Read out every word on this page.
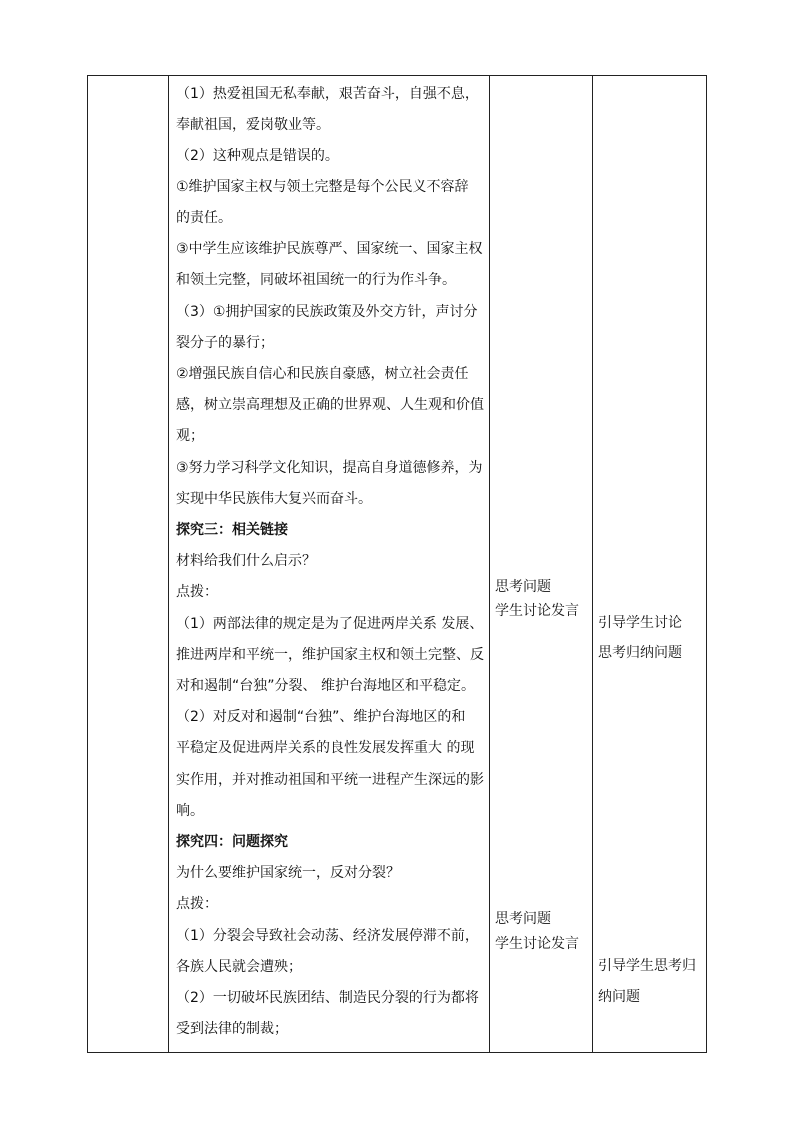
（1）热爱祖国无私奉献，艰苦奋斗，自强不息，
奉献祖国，爱岗敬业等。
（2）这种观点是错误的。
①维护国家主权与领土完整是每个公民义不容辞
的责任。
③中学生应该维护民族尊严、国家统一、国家主权
和领土完整，同破坏祖国统一的行为作斗争。
（3）①拥护国家的民族政策及外交方针，声讨分
裂分子的暴行；
②增强民族自信心和民族自豪感，树立社会责任
感，树立崇高理想及正确的世界观、人生观和价值
观；
③努力学习科学文化知识，提高自身道德修养，为
实现中华民族伟大复兴而奋斗。
探究三：相关链接
材料给我们什么启示？
点拨：
（1）两部法律的规定是为了促进两岸关系 发展、
推进两岸和平统一，维护国家主权和领土完整、反
对和遏制“台独”分裂、 维护台海地区和平稳定。
（2）对反对和遏制“台独”、维护台海地区的和
平稳定及促进两岸关系的良性发展发挥重大 的现
实作用，并对推动祖国和平统一进程产生深远的影
响。
探究四：问题探究
为什么要维护国家统一，反对分裂？
点拨：
（1）分裂会导致社会动荡、经济发展停滞不前，
各族人民就会遭殃；
（2）一切破坏民族团结、制造民分裂的行为都将
受到法律的制裁；
思考问题
学生讨论发言
思考问题
学生讨论发言
引导学生讨论
思考归纳问题
引导学生思考归
纳问题
